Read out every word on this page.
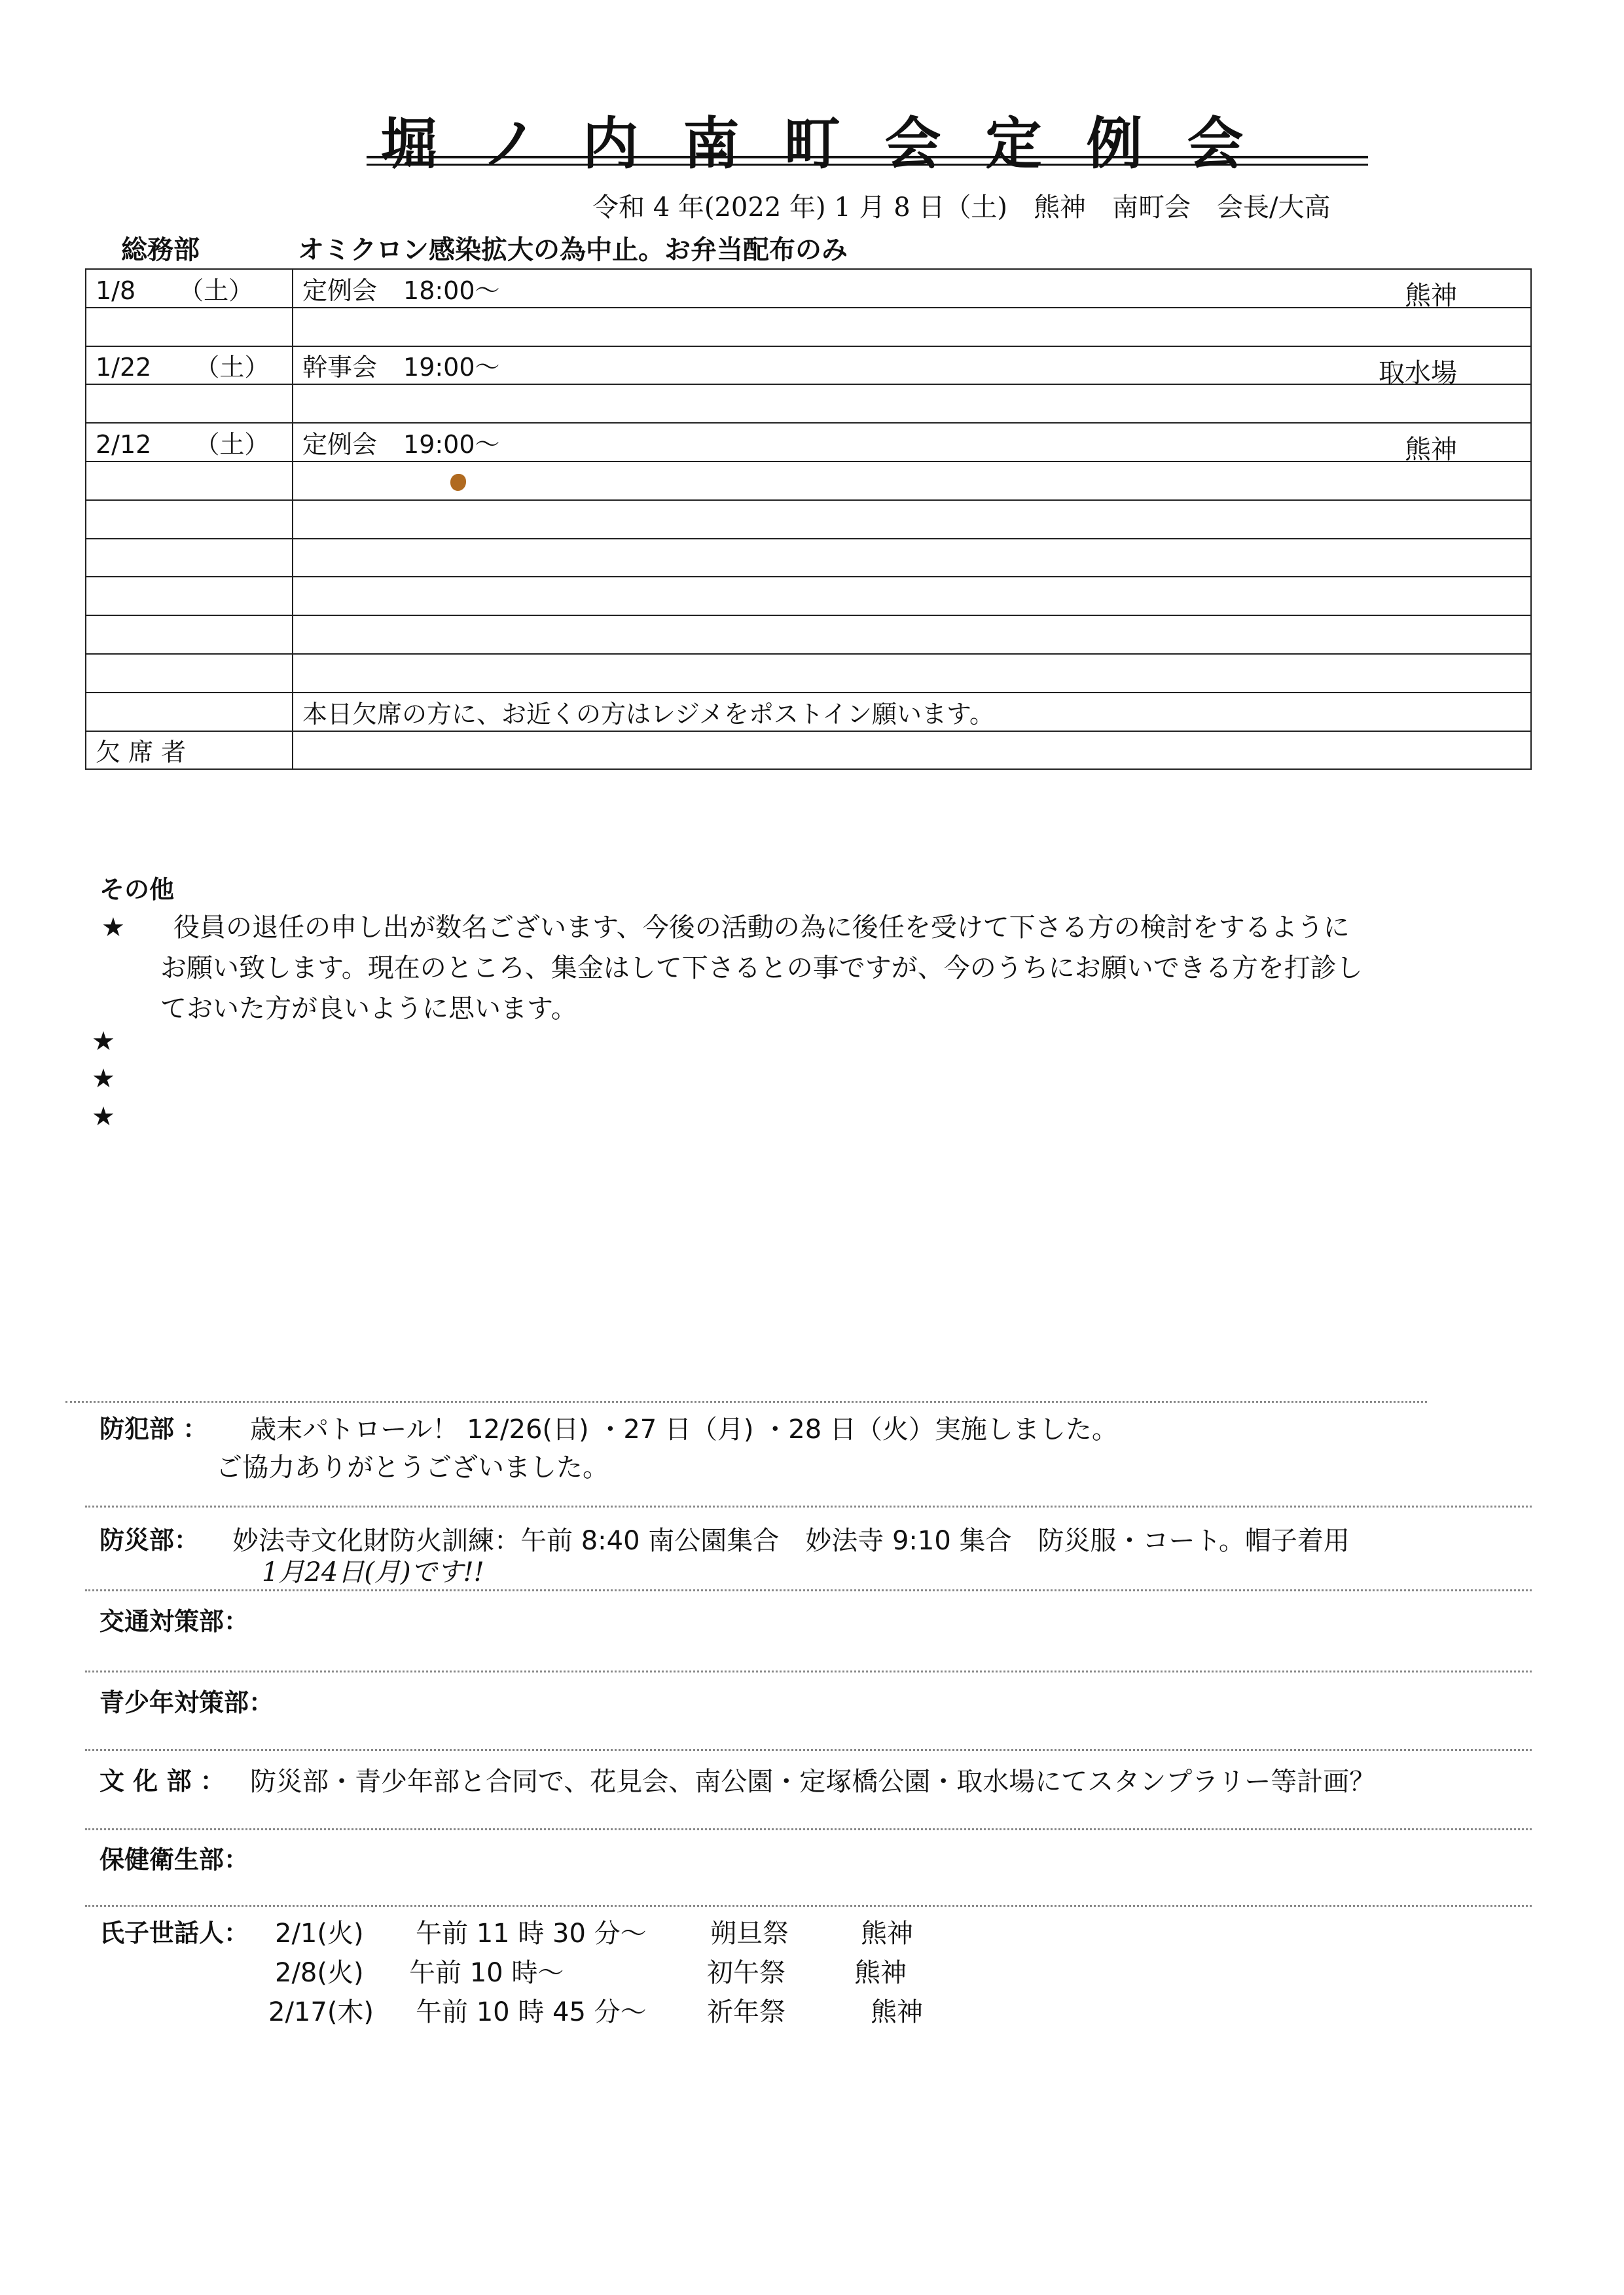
堀 ノ 内 南 町 会 定 例 会
令和 4 年(2022 年) 1 月 8 日（土)　熊神　南町会　会長/大高
総務部	オミクロン感染拡大の為中止。お弁当配布のみ
1/8 （土）	定例会 18:00～ 熊神

1/22 （土）	幹事会 19:00～ 取水場

2/12 （土）	定例会 19:00～ 熊神

	本日欠席の方に、お近くの方はレジメをポストイン願います。
欠 席 者	
その他
★ 役員の退任の申し出が数名ございます、今後の活動の為に後任を受けて下さる方の検討をするように
お願い致します。現在のところ、集金はして下さるとの事ですが、今のうちにお願いできる方を打診し
ておいた方が良いように思います。
★
★
★
防犯部 ： 歳末パトロール！ 12/26(日) ・27 日（月) ・28 日（火）実施しました。
ご協力ありがとうございました。
防災部： 妙法寺文化財防火訓練：午前 8:40 南公園集合　妙法寺 9:10 集合　防災服・コート。帽子着用
1月24日(月)です!!
交通対策部：
青少年対策部：
文 化 部 ： 防災部・青少年部と合同で、花見会、南公園・定塚橋公園・取水場にてスタンプラリー等計画？
保健衛生部：
氏子世話人： 2/1(火) 午前 11 時 30 分～ 朔旦祭	熊神
2/8(火) 午前 10 時～	初午祭	熊神
2/17(木) 午前 10 時 45 分～ 祈年祭	熊神
